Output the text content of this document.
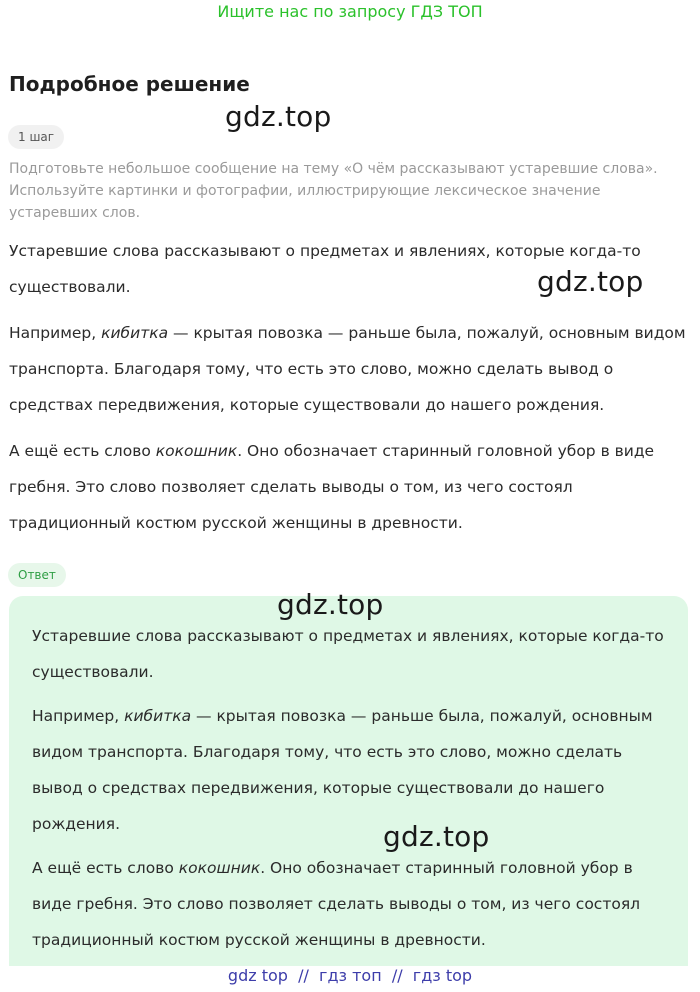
Ищите нас по запросу ГДЗ ТОП
Подробное решение
1 шаг

Подготовьте небольшое сообщение на тему «О чём рассказывают устаревшие слова». Используйте картинки и фотографии, иллюстрирующие лексическое значение устаревших слов.

Устаревшие слова рассказывают о предметах и явлениях, которые когда-то существовали.

Например, кибитка — крытая повозка — раньше была, пожалуй, основным видом транспорта. Благодаря тому, что есть это слово, можно сделать вывод о средствах передвижения, которые существовали до нашего рождения.

А ещё есть слово кокошник. Оно обозначает старинный головной убор в виде гребня. Это слово позволяет сделать выводы о том, из чего состоял традиционный костюм русской женщины в древности.

Ответ

Устаревшие слова рассказывают о предметах и явлениях, которые когда-то существовали.

Например, кибитка — крытая повозка — раньше была, пожалуй, основным видом транспорта. Благодаря тому, что есть это слово, можно сделать вывод о средствах передвижения, которые существовали до нашего рождения.

А ещё есть слово кокошник. Оно обозначает старинный головной убор в виде гребня. Это слово позволяет сделать выводы о том, из чего состоял традиционный костюм русской женщины в древности.

gdz.top
gdz.top
gdz.top
gdz.top
gdz top  //  гдз топ  //  гдз top
